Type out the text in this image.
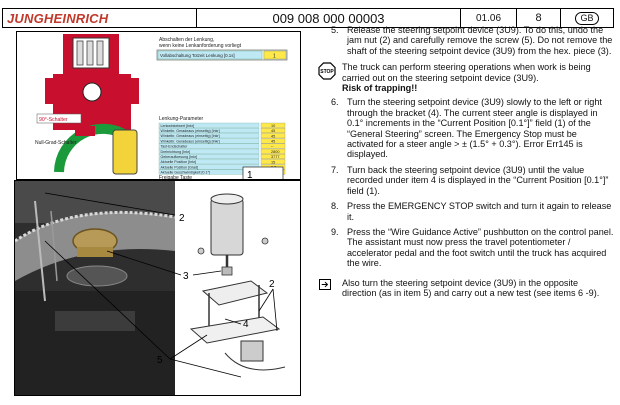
JUNGHEINRICH	009 008 000 00003	01.06	8	GB
90°-Schalter
Null-Grad-Schalter
Abschalten der Lenkung,
wenn keine Lenkanforderung vorliegt
Vollabschaltung Totzeit Lenkung [0.1s]	1
Lenkung-Parameter
Lenkwinkelwert [Inkr]	10
Winkelbr. Geradeaus (einseitig) [Inkr]	45
Winkelbr. Geradeaus (einseitig) [Inkr]	45
Winkelbr. Geradeaus (einseitig) [Inkr]	45
Tast-Endschalter	--
Drehrichtung [Inkr]	2800
Geberaufloesung [Inkr]	3777
Aktuelle Position [Inkr]	15
Aktuelle Position [Grad]
Aktuelle Geschwindigkeit [0.1*]
Freigabe Taste	1
2
3
2
4
5
5. Release the steering setpoint device (3U9). To do this, undo the jam nut (2) and carefully remove the screw (5). Do not remove the shaft of the steering setpoint device (3U9) from the hex. piece (3).
STOP
The truck can perform steering operations when work is being carried out on the steering setpoint device (3U9).
Risk of trapping!!
6. Turn the steering setpoint device (3U9) slowly to the left or right through the bracket (4). The current steer angle is displayed in 0.1° increments in the “Current Position [0.1°]” field (1) of the “General Steering” screen. The Emergency Stop must be activated for a steer angle > ± (1.5° + 0.3°). Error Err145 is displayed.
7. Turn back the steering setpoint device (3U9) until the value recorded under item 4 is displayed in the “Current Position [0.1°]” field (1).
8. Press the EMERGENCY STOP switch and turn it again to release it.
9. Press the “Wire Guidance Active” pushbutton on the control panel. The assistant must now press the travel potentiometer / accelerator pedal and the foot switch until the truck has acquired the wire.
Also turn the steering setpoint device (3U9) in the opposite direction (as in item 5) and carry out a new test (see items 6 -9).
